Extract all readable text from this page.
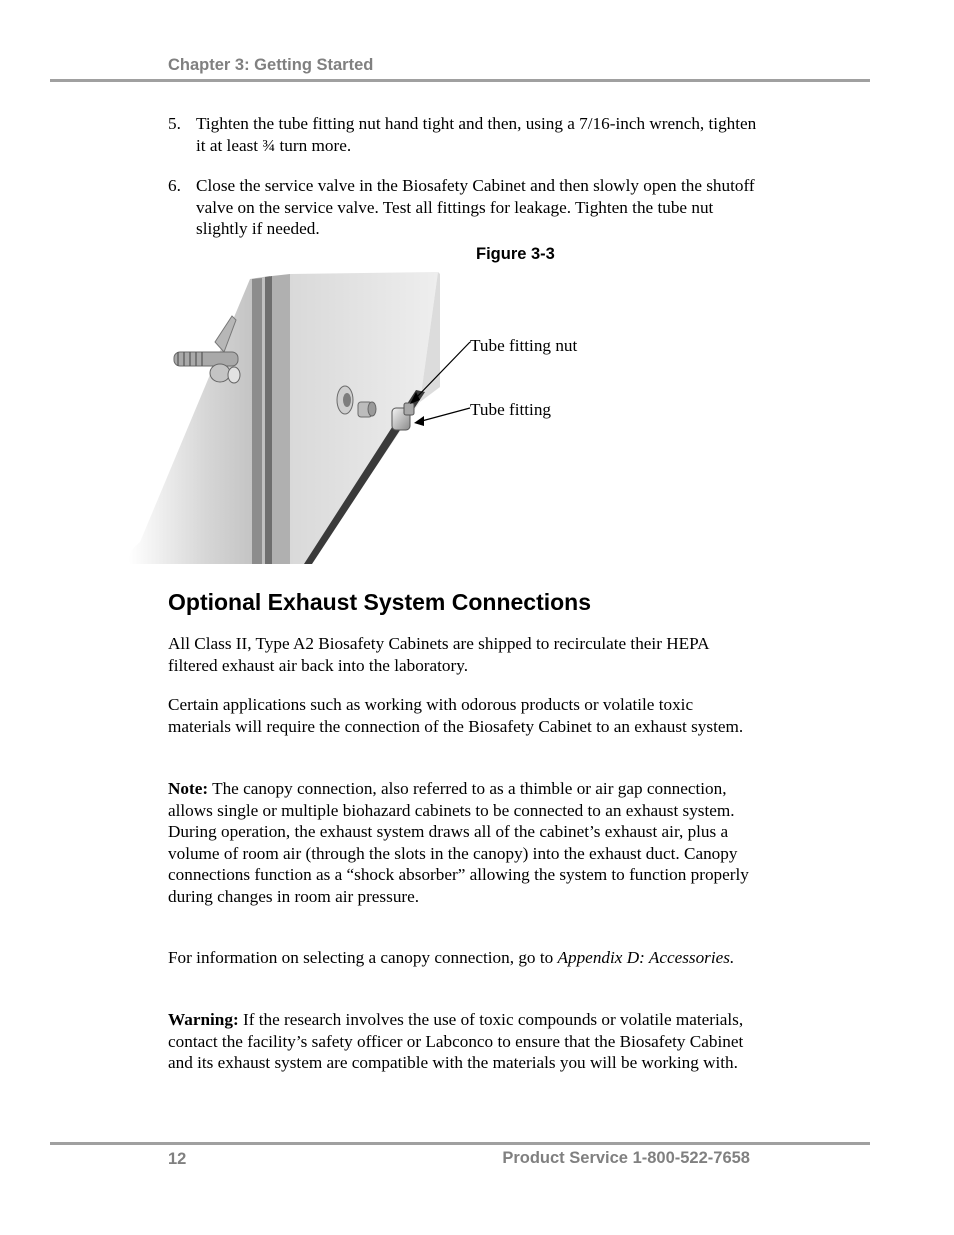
Chapter 3: Getting Started
5. Tighten the tube fitting nut hand tight and then, using a 7/16-inch wrench, tighten it at least ¾ turn more.
6. Close the service valve in the Biosafety Cabinet and then slowly open the shutoff valve on the service valve. Test all fittings for leakage. Tighten the tube nut slightly if needed.
Figure 3-3
Tube fitting nut
Tube fitting
Optional Exhaust System Connections
All Class II, Type A2 Biosafety Cabinets are shipped to recirculate their HEPA filtered exhaust air back into the laboratory.
Certain applications such as working with odorous products or volatile toxic materials will require the connection of the Biosafety Cabinet to an exhaust system.
Note: The canopy connection, also referred to as a thimble or air gap connection, allows single or multiple biohazard cabinets to be connected to an exhaust system. During operation, the exhaust system draws all of the cabinet’s exhaust air, plus a volume of room air (through the slots in the canopy) into the exhaust duct. Canopy connections function as a “shock absorber” allowing the system to function properly during changes in room air pressure.
For information on selecting a canopy connection, go to Appendix D: Accessories.
Warning: If the research involves the use of toxic compounds or volatile materials, contact the facility’s safety officer or Labconco to ensure that the Biosafety Cabinet and its exhaust system are compatible with the materials you will be working with.
12	Product Service 1-800-522-7658
